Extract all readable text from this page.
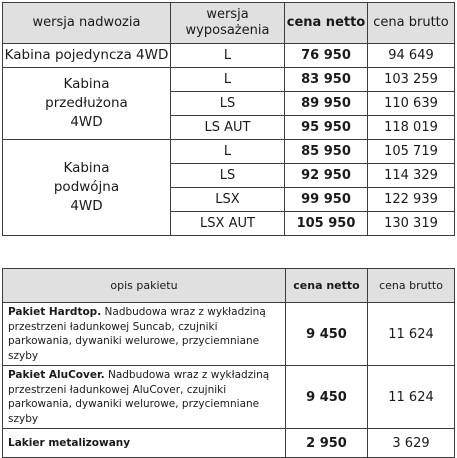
wersja nadwozia	wersja wyposażenia	cena netto	cena brutto
Kabina pojedyncza 4WD	L	76 950	94 649
Kabina przedłużona 4WD	L	83 950	103 259
	LS	89 950	110 639
	LS AUT	95 950	118 019
Kabina podwójna 4WD	L	85 950	105 719
	LS	92 950	114 329
	LSX	99 950	122 939
	LSX AUT	105 950	130 319
opis pakietu	cena netto	cena brutto
Pakiet Hardtop. Nadbudowa wraz z wykładziną przestrzeni ładunkowej Suncab, czujniki parkowania, dywaniki welurowe, przyciemniane szyby	9 450	11 624
Pakiet AluCover. Nadbudowa wraz z wykładziną przestrzeni ładunkowej AluCover, czujniki parkowania, dywaniki welurowe, przyciemniane szyby	9 450	11 624
Lakier metalizowany	2 950	3 629
